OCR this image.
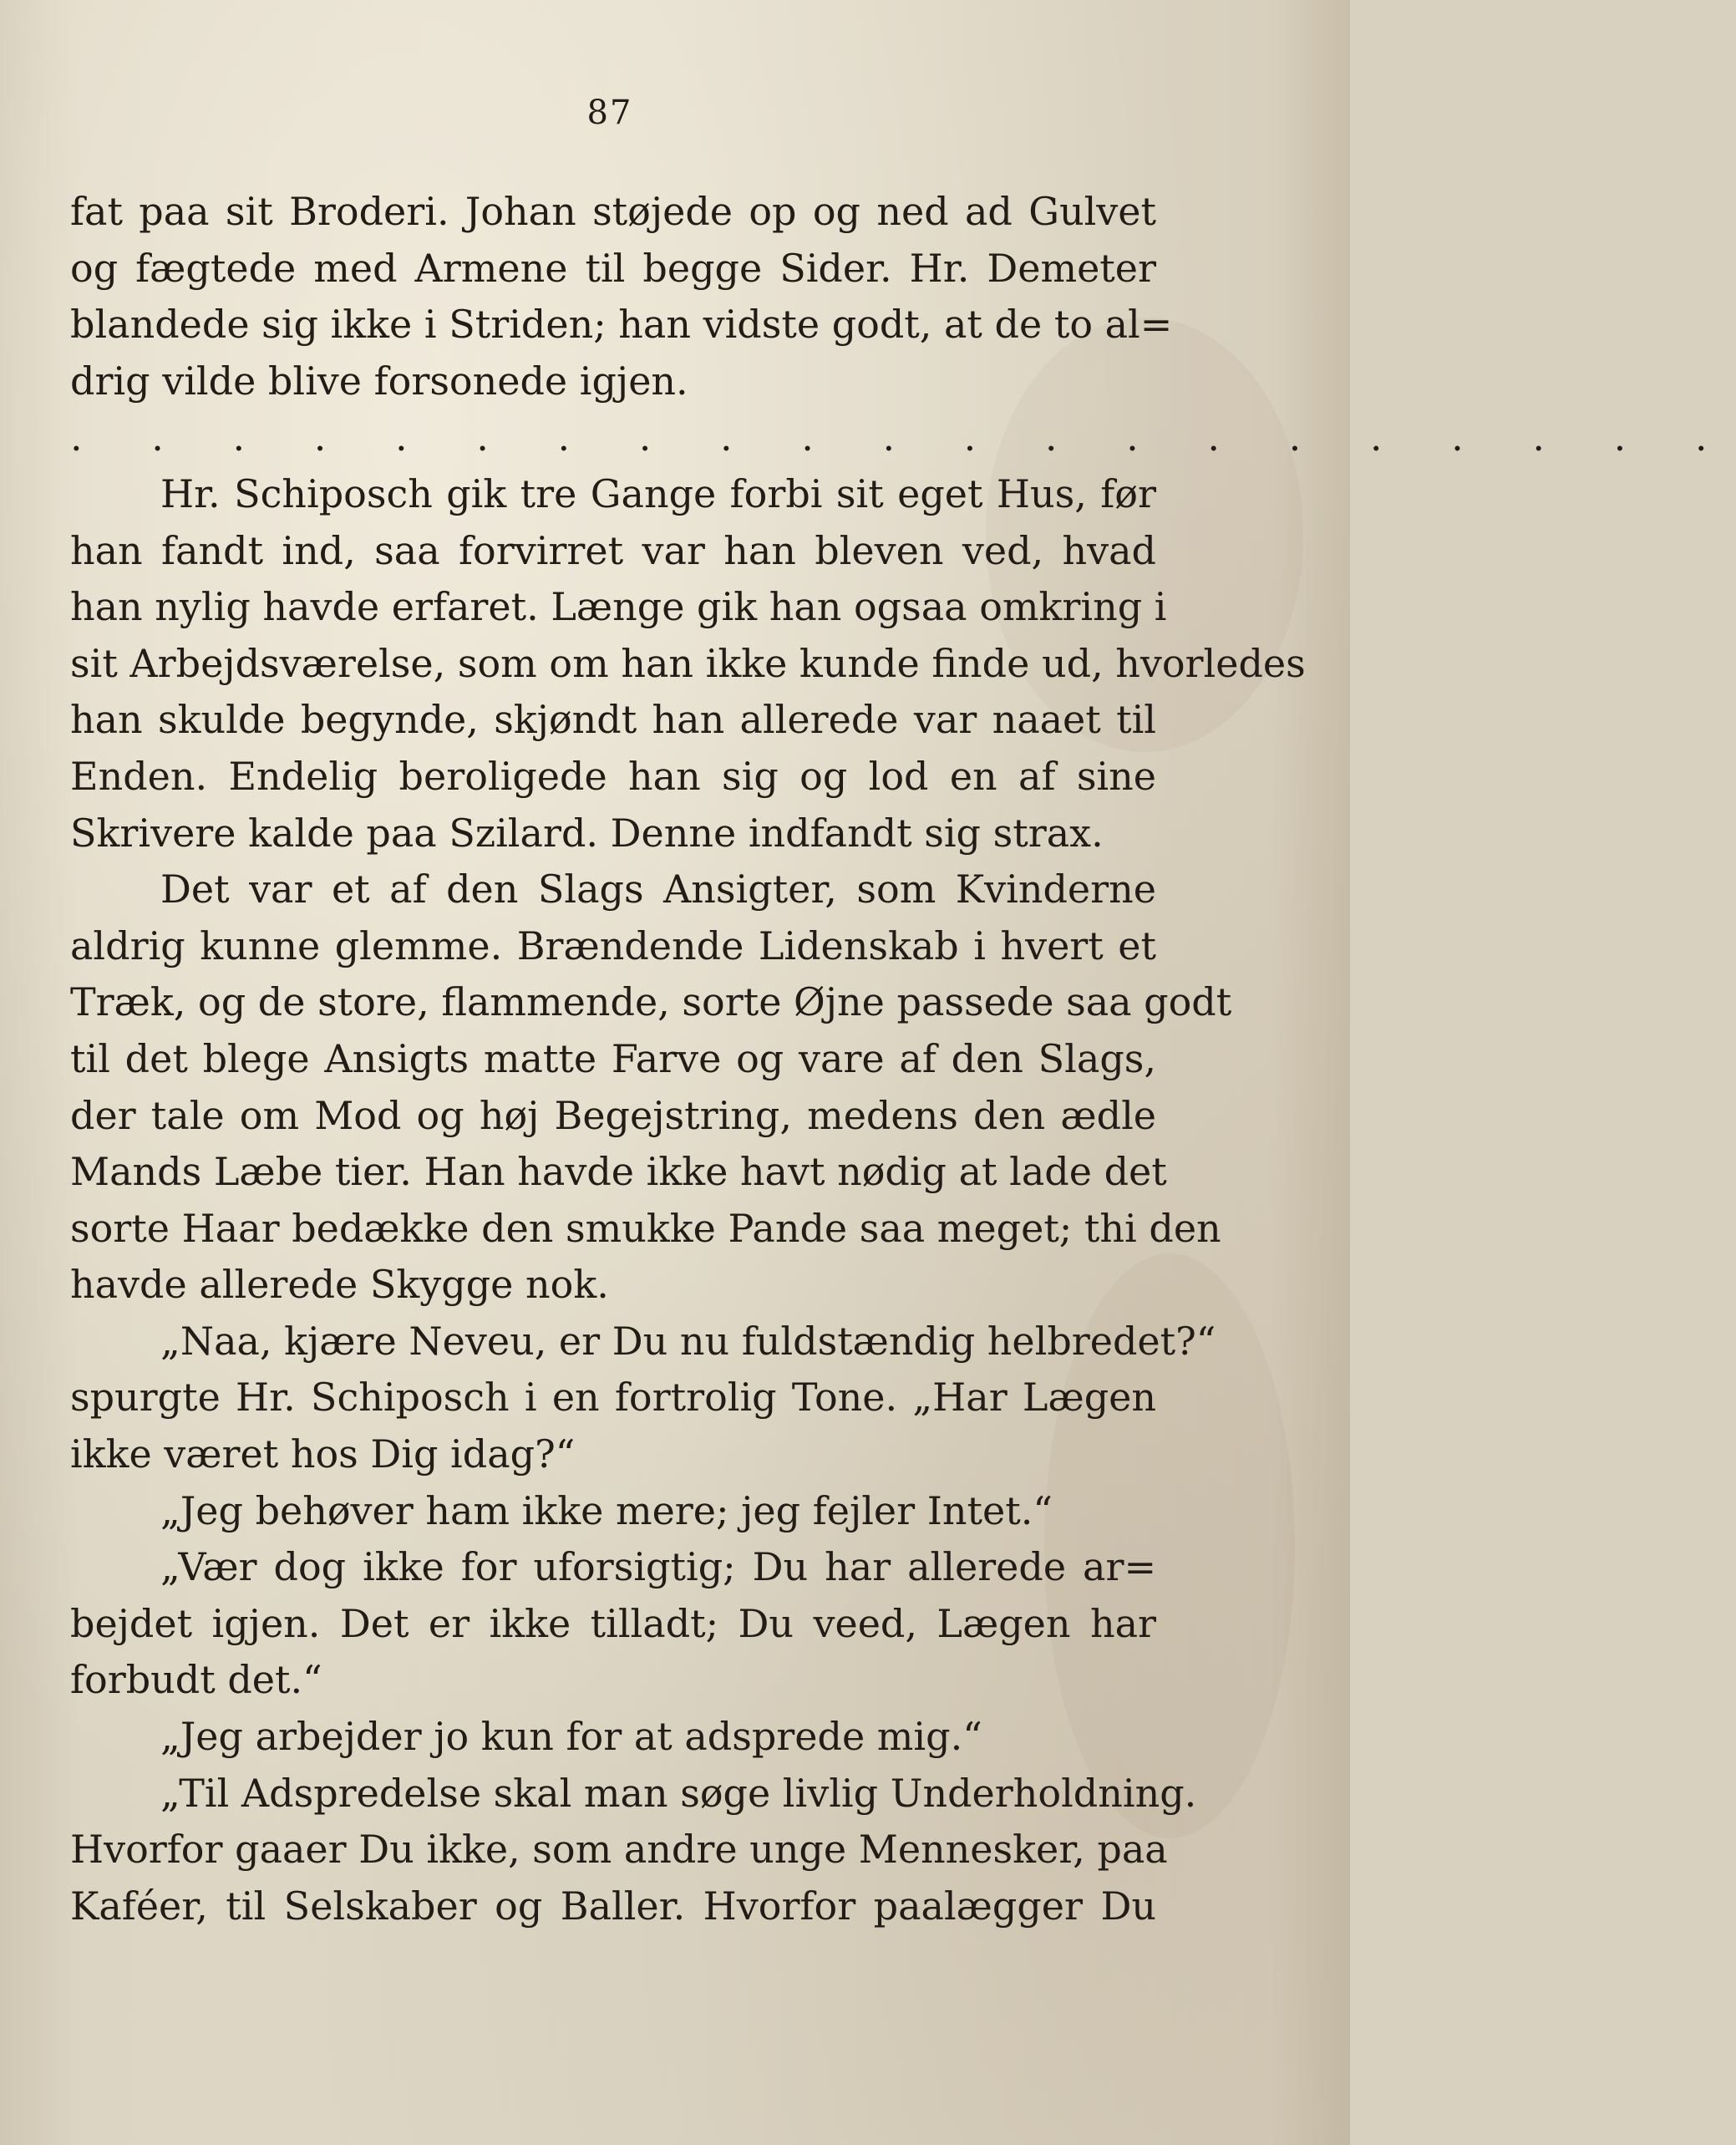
87
fat paa sit Broderi. Johan støjede op og ned ad Gulvet
og fægtede med Armene til begge Sider. Hr. Demeter
blandede sig ikke i Striden; han vidste godt, at de to al=
drig vilde blive forsonede igjen.
. . . . . . . . . . . . . . . . . . . . .
Hr. Schiposch gik tre Gange forbi sit eget Hus, før
han fandt ind, saa forvirret var han bleven ved, hvad
han nylig havde erfaret. Længe gik han ogsaa omkring i
sit Arbejdsværelse, som om han ikke kunde finde ud, hvorledes
han skulde begynde, skjøndt han allerede var naaet til
Enden. Endelig beroligede han sig og lod en af sine
Skrivere kalde paa Szilard. Denne indfandt sig strax.
Det var et af den Slags Ansigter, som Kvinderne
aldrig kunne glemme. Brændende Lidenskab i hvert et
Træk, og de store, flammende, sorte Øjne passede saa godt
til det blege Ansigts matte Farve og vare af den Slags,
der tale om Mod og høj Begejstring, medens den ædle
Mands Læbe tier. Han havde ikke havt nødig at lade det
sorte Haar bedække den smukke Pande saa meget; thi den
havde allerede Skygge nok.
„Naa, kjære Neveu, er Du nu fuldstændig helbredet?“
spurgte Hr. Schiposch i en fortrolig Tone. „Har Lægen
ikke været hos Dig idag?“
„Jeg behøver ham ikke mere; jeg fejler Intet.“
„Vær dog ikke for uforsigtig; Du har allerede ar=
bejdet igjen. Det er ikke tilladt; Du veed, Lægen har
forbudt det.“
„Jeg arbejder jo kun for at adsprede mig.“
„Til Adspredelse skal man søge livlig Underholdning.
Hvorfor gaaer Du ikke, som andre unge Mennesker, paa
Kaféer, til Selskaber og Baller. Hvorfor paalægger Du
